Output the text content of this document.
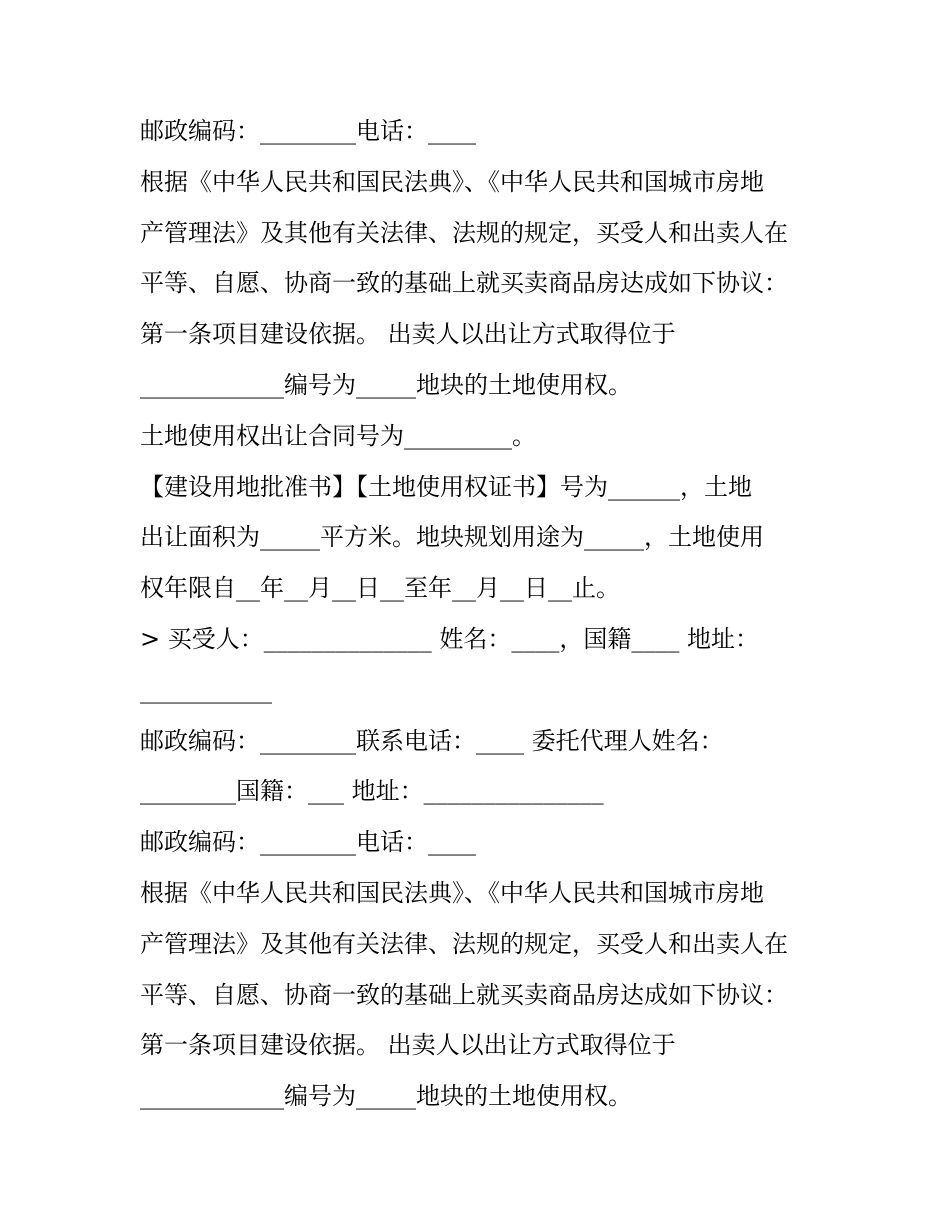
邮政编码：________电话：____
根据《中华人民共和国民法典》、《中华人民共和国城市房地
产管理法》及其他有关法律、法规的规定，买受人和出卖人在
平等、自愿、协商一致的基础上就买卖商品房达成如下协议：
第一条项目建设依据。 出卖人以出让方式取得位于
____________编号为_____地块的土地使用权。
土地使用权出让合同号为_________。
【建设用地批准书】【土地使用权证书】号为______，土地
出让面积为_____平方米。地块规划用途为_____，土地使用
权年限自__年__月__日__至年__月__日__止。
> 买受人：______________ 姓名：____，国籍____ 地址：
___________
邮政编码：________联系电话：____ 委托代理人姓名：
________国籍：___ 地址：_______________
邮政编码：________电话：____
根据《中华人民共和国民法典》、《中华人民共和国城市房地
产管理法》及其他有关法律、法规的规定，买受人和出卖人在
平等、自愿、协商一致的基础上就买卖商品房达成如下协议：
第一条项目建设依据。 出卖人以出让方式取得位于
____________编号为_____地块的土地使用权。
